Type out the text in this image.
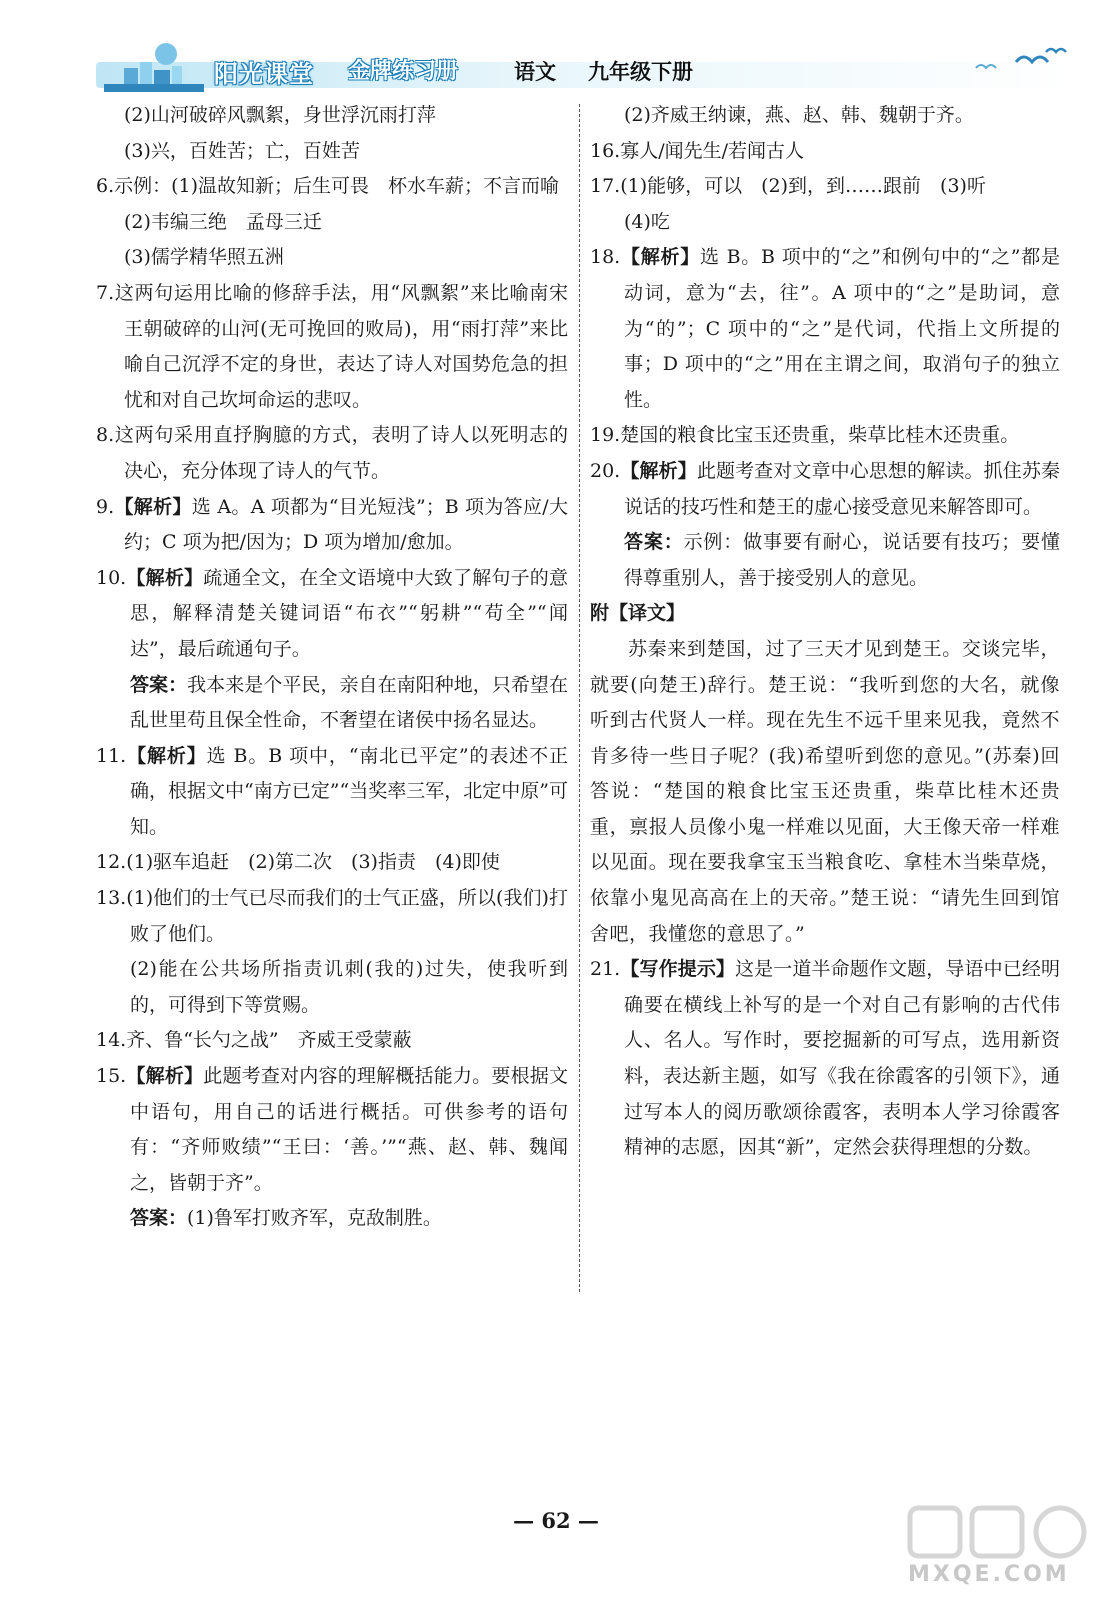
阳光课堂 金牌练习册	语文 九年级下册
(2)山河破碎风飘絮，身世浮沉雨打萍
(3)兴，百姓苦；亡，百姓苦
6.示例：(1)温故知新；后生可畏　杯水车薪；不言而喻
(2)韦编三绝　孟母三迁
(3)儒学精华照五洲
7.这两句运用比喻的修辞手法，用“风飘絮”来比喻南宋王朝破碎的山河(无可挽回的败局)，用“雨打萍”来比喻自己沉浮不定的身世，表达了诗人对国势危急的担忧和对自己坎坷命运的悲叹。
8.这两句采用直抒胸臆的方式，表明了诗人以死明志的决心，充分体现了诗人的气节。
9.【解析】选 A。A 项都为“目光短浅”；B 项为答应/大约；C 项为把/因为；D 项为增加/愈加。
10.【解析】疏通全文，在全文语境中大致了解句子的意思，解释清楚关键词语“布衣”“躬耕”“苟全”“闻达”，最后疏通句子。
答案：我本来是个平民，亲自在南阳种地，只希望在乱世里苟且保全性命，不奢望在诸侯中扬名显达。
11.【解析】选 B。B 项中，“南北已平定”的表述不正确，根据文中“南方已定”“当奖率三军，北定中原”可知。
12.(1)驱车追赶　(2)第二次　(3)指责　(4)即使
13.(1)他们的士气已尽而我们的士气正盛，所以(我们)打败了他们。
(2)能在公共场所指责讥刺(我的)过失，使我听到的，可得到下等赏赐。
14.齐、鲁“长勺之战”　齐威王受蒙蔽
15.【解析】此题考查对内容的理解概括能力。要根据文中语句，用自己的话进行概括。可供参考的语句有：“齐师败绩”“王曰：‘善。’”“燕、赵、韩、魏闻之，皆朝于齐”。
答案：(1)鲁军打败齐军，克敌制胜。
(2)齐威王纳谏，燕、赵、韩、魏朝于齐。
16.寡人/闻先生/若闻古人
17.(1)能够，可以　(2)到，到……跟前　(3)听
(4)吃
18.【解析】选 B。B 项中的“之”和例句中的“之”都是动词，意为“去，往”。A 项中的“之”是助词，意为“的”；C 项中的“之”是代词，代指上文所提的事；D 项中的“之”用在主谓之间，取消句子的独立性。
19.楚国的粮食比宝玉还贵重，柴草比桂木还贵重。
20.【解析】此题考查对文章中心思想的解读。抓住苏秦说话的技巧性和楚王的虚心接受意见来解答即可。
答案：示例：做事要有耐心，说话要有技巧；要懂得尊重别人，善于接受别人的意见。
附【译文】
苏秦来到楚国，过了三天才见到楚王。交谈完毕，就要(向楚王)辞行。楚王说：“我听到您的大名，就像听到古代贤人一样。现在先生不远千里来见我，竟然不肯多待一些日子呢？(我)希望听到您的意见。”(苏秦)回答说：“楚国的粮食比宝玉还贵重，柴草比桂木还贵重，禀报人员像小鬼一样难以见面，大王像天帝一样难以见面。现在要我拿宝玉当粮食吃、拿桂木当柴草烧，依靠小鬼见高高在上的天帝。”楚王说：“请先生回到馆舍吧，我懂您的意思了。”
21.【写作提示】这是一道半命题作文题，导语中已经明确要在横线上补写的是一个对自己有影响的古代伟人、名人。写作时，要挖掘新的可写点，选用新资料，表达新主题，如写《我在徐霞客的引领下》，通过写本人的阅历歌颂徐霞客，表明本人学习徐霞客精神的志愿，因其“新”，定然会获得理想的分数。
— 62 —
MXQE.COM
